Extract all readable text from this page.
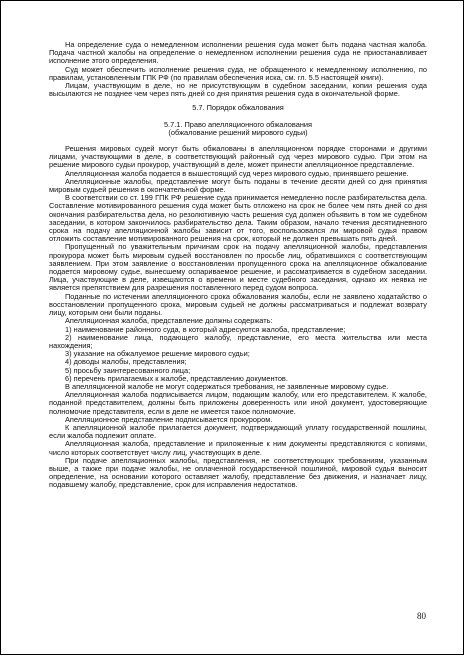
На определение суда о немедленном исполнении решения суда может быть подана частная жалоба. Подача частной жалобы на определение о немедленном исполнении решения суда не приостанавливает исполнение этого определения.

Суд может обеспечить исполнение решения суда, не обращенного к немедленному исполнению, по правилам, установленным ГПК РФ (по правилам обеспечения иска, см. гл. 5.5 настоящей книги).

Лицам, участвующим в деле, но не присутствующим в судебном заседании, копии решения суда высылаются не позднее чем через пять дней со дня принятия решения суда в окончательной форме.

5.7. Порядок обжалования

5.7.1. Право апелляционного обжалования

(обжалование решений мирового судьи)

Решения мировых судей могут быть обжалованы в апелляционном порядке сторонами и другими лицами, участвующими в деле, в соответствующий районный суд через мирового судью. При этом на решение мирового судьи прокурор, участвующий в деле, может принести апелляционное представление.

Апелляционная жалоба подается в вышестоящий суд через мирового судью, принявшего решение.

Апелляционные жалобы, представление могут быть поданы в течение десяти дней со дня принятия мировым судьей решения в окончательной форме.

В соответствии со ст. 199 ГПК РФ решение суда принимается немедленно после разбирательства дела. Составление мотивированного решения суда может быть отложено на срок не более чем пять дней со дня окончания разбирательства дела, но резолютивную часть решения суд должен объявить в том же судебном заседании, в котором закончилось разбирательство дела. Таким образом, начало течения десятидневного срока на подачу апелляционной жалобы зависит от того, воспользовался ли мировой судья правом отложить составление мотивированного решения на срок, который не должен превышать пять дней.

Пропущенный по уважительным причинам срок на подачу апелляционной жалобы, представления прокурора может быть мировым судьей восстановлен по просьбе лиц, обратившихся с соответствующим заявлением. При этом заявление о восстановлении пропущенного срока на апелляционное обжалование подается мировому судье, вынесшему оспариваемое решение, и рассматривается в судебном заседании. Лица, участвующие в деле, извещаются о времени и месте судебного заседания, однако их неявка не является препятствием для разрешения поставленного перед судом вопроса.

Поданные по истечении апелляционного срока обжалования жалобы, если не заявлено ходатайство о восстановлении пропущенного срока, мировым судьей не должны рассматриваться и подлежат возврату лицу, которым они были поданы.

Апелляционная жалоба, представление должны содержать:

1) наименование районного суда, в который адресуются жалоба, представление;

2) наименование лица, подающего жалобу, представление, его места жительства или места нахождения;

3) указание на обжалуемое решение мирового судьи;

4) доводы жалобы, представления;

5) просьбу заинтересованного лица;

6) перечень прилагаемых к жалобе, представлению документов.

В апелляционной жалобе не могут содержаться требования, не заявленные мировому судье.

Апелляционная жалоба подписывается лицом, подающим жалобу, или его представителем. К жалобе, поданной представителем, должны быть приложены доверенность или иной документ, удостоверяющие полномочие представителя, если в деле не имеется такое полномочие.

Апелляционное представление подписывается прокурором.

К апелляционной жалобе прилагается документ, подтверждающий уплату государственной пошлины, если жалоба подлежит оплате.

Апелляционная жалоба, представление и приложенные к ним документы представляются с копиями, число которых соответствует числу лиц, участвующих в деле.

При подаче апелляционных жалобы, представления, не соответствующих требованиям, указанным выше, а также при подаче жалобы, не оплаченной государственной пошлиной, мировой судья выносит определение, на основании которого оставляет жалобу, представление без движения, и назначает лицу, подавшему жалобу, представление, срок для исправления недостатков.

80
